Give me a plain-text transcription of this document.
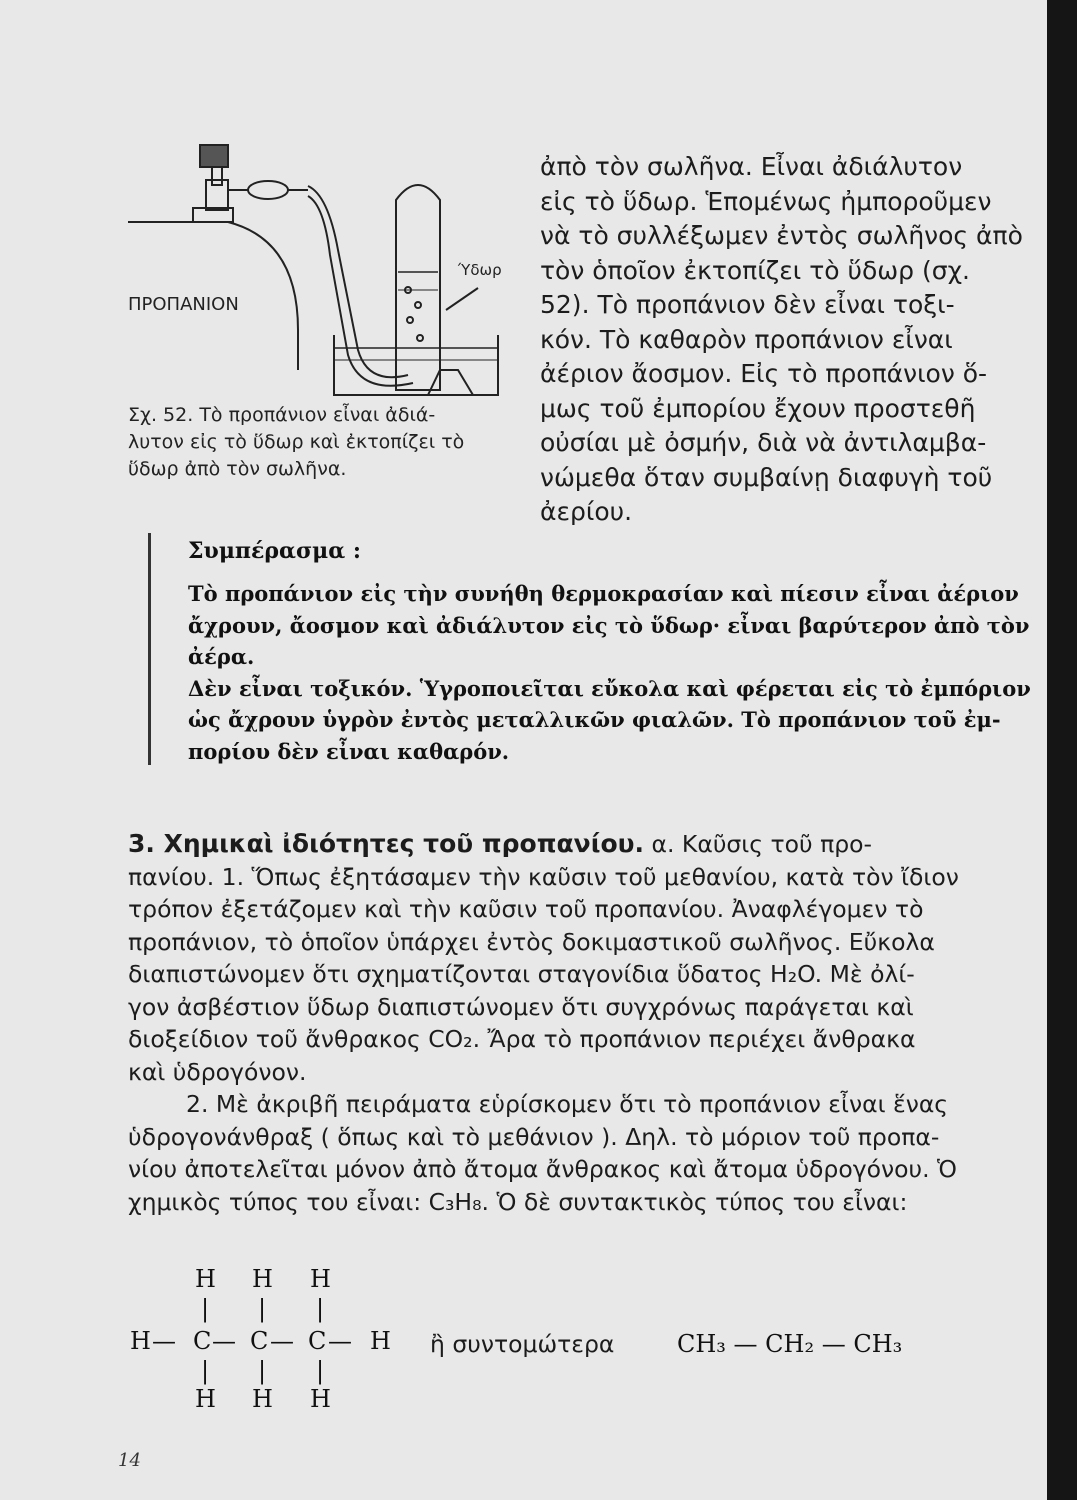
ΠΡΟΠΑΝΙΟΝ
Ύδωρ
Σχ. 52. Τὸ προπάνιον εἶναι ἀδιά-
λυτον εἰς τὸ ὕδωρ καὶ ἐκτοπίζει τὸ
ὕδωρ ἀπὸ τὸν σωλῆνα.
ἀπὸ τὸν σωλῆνα. Εἶναι ἀδιάλυτον
εἰς τὸ ὕδωρ. Ἑπομένως ἠμποροῦμεν
νὰ τὸ συλλέξωμεν ἐντὸς σωλῆνος ἀπὸ
τὸν ὁποῖον ἐκτοπίζει τὸ ὕδωρ (σχ.
52). Τὸ προπάνιον δὲν εἶναι τοξι-
κόν. Τὸ καθαρὸν προπάνιον εἶναι
ἀέριον ἄοσμον. Εἰς τὸ προπάνιον ὅ-
μως τοῦ ἐμπορίου ἔχουν προστεθῆ
οὐσίαι μὲ ὀσμήν, διὰ νὰ ἀντιλαμβα-
νώμεθα ὅταν συμβαίνῃ διαφυγὴ τοῦ
ἀερίου.
Συμπέρασμα :
Τὸ προπάνιον εἰς τὴν συνήθη θερμοκρασίαν καὶ πίεσιν εἶναι ἀέριον
ἄχρουν, ἄοσμον καὶ ἀδιάλυτον εἰς τὸ ὕδωρ· εἶναι βαρύτερον ἀπὸ τὸν
ἀέρα.
Δὲν εἶναι τοξικόν. Ὑγροποιεῖται εὔκολα καὶ φέρεται εἰς τὸ ἐμπόριον
ὡς ἄχρουν ὑγρὸν ἐντὸς μεταλλικῶν φιαλῶν. Τὸ προπάνιον τοῦ ἐμ-
πορίου δὲν εἶναι καθαρόν.
3. Χημικαὶ ἰδιότητες τοῦ προπανίου. α. Καῦσις τοῦ προ-
πανίου. 1. Ὅπως ἐξητάσαμεν τὴν καῦσιν τοῦ μεθανίου, κατὰ τὸν ἴδιον
τρόπον ἐξετάζομεν καὶ τὴν καῦσιν τοῦ προπανίου. Ἀναφλέγομεν τὸ
προπάνιον, τὸ ὁποῖον ὑπάρχει ἐντὸς δοκιμαστικοῦ σωλῆνος. Εὔκολα
διαπιστώνομεν ὅτι σχηματίζονται σταγονίδια ὕδατος H₂O. Μὲ ὀλί-
γον ἀσβέστιον ὕδωρ διαπιστώνομεν ὅτι συγχρόνως παράγεται καὶ
διοξείδιον τοῦ ἄνθρακος CO₂. Ἄρα τὸ προπάνιον περιέχει ἄνθρακα
καὶ ὑδρογόνον.
2. Μὲ ἀκριβῆ πειράματα εὑρίσκομεν ὅτι τὸ προπάνιον εἶναι ἕνας
ὑδρογονάνθραξ ( ὅπως καὶ τὸ μεθάνιον ). Δηλ. τὸ μόριον τοῦ προπα-
νίου ἀποτελεῖται μόνον ἀπὸ ἄτομα ἄνθρακος καὶ ἄτομα ὑδρογόνου. Ὁ
χημικὸς τύπος του εἶναι: C₃H₈. Ὁ δὲ συντακτικὸς τύπος του εἶναι:
H H H
| | |
H — C — C — C — H
| | |
H H H
ἢ συντομώτερα	CH₃ — CH₂ — CH₃
14
